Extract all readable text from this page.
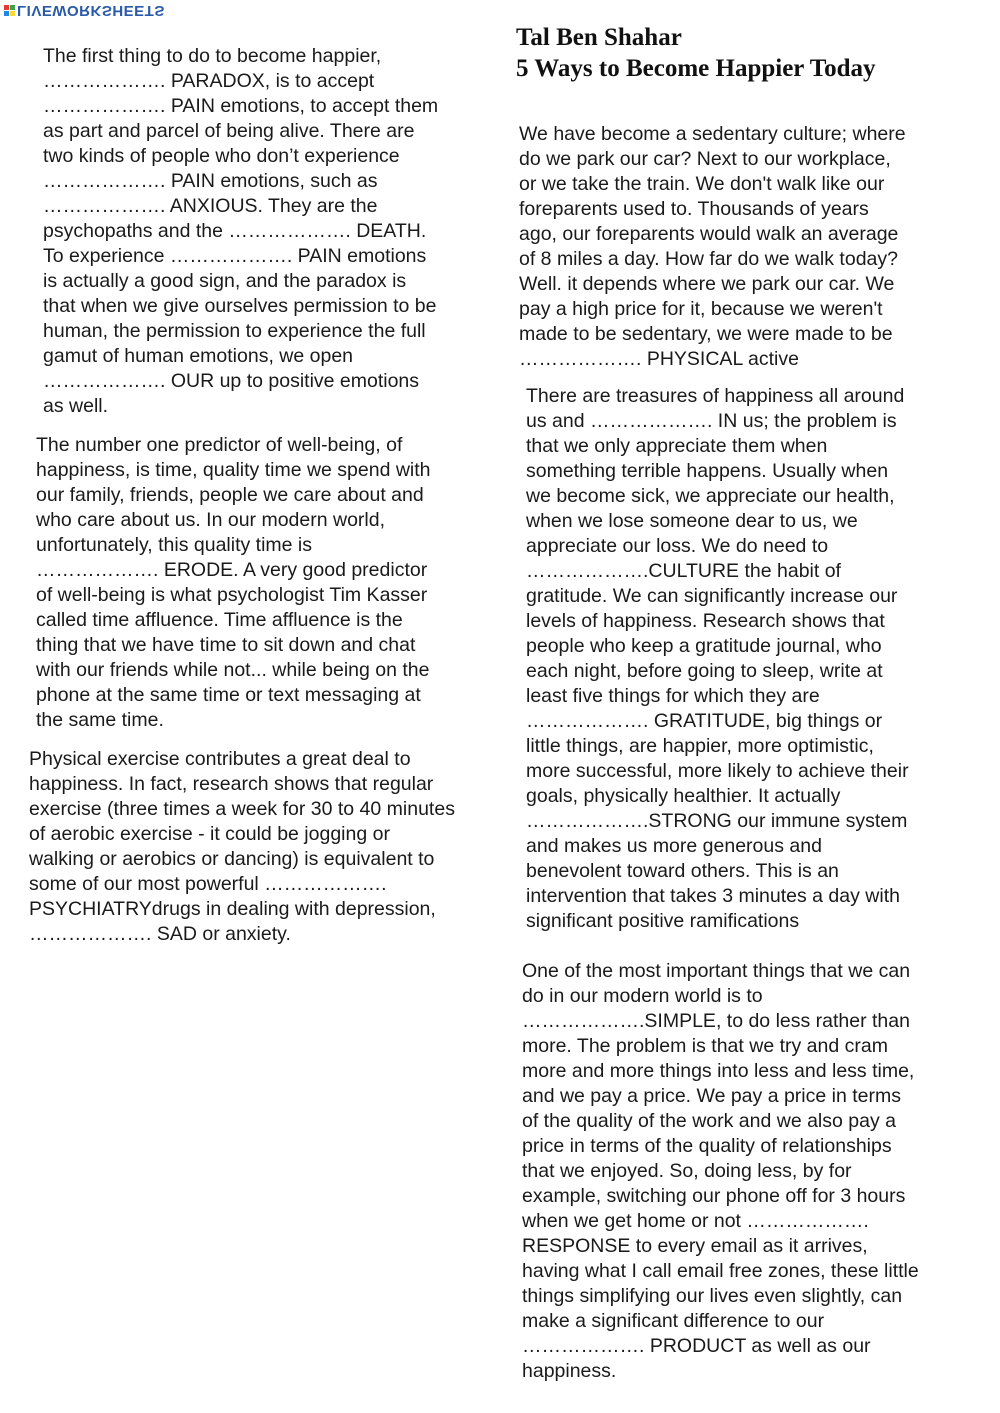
LIVEWORKSHEETS
Tal Ben Shahar
5 Ways to Become Happier Today

The first thing to do to become happier,
………………. PARADOX, is to accept
………………. PAIN emotions, to accept them
as part and parcel of being alive. There are
two kinds of people who don’t experience
………………. PAIN emotions, such as
………………. ANXIOUS. They are the
psychopaths and the ………………. DEATH.
To experience ………………. PAIN emotions
is actually a good sign, and the paradox is
that when we give ourselves permission to be
human, the permission to experience the full
gamut of human emotions, we open
………………. OUR up to positive emotions
as well.

The number one predictor of well-being, of
happiness, is time, quality time we spend with
our family, friends, people we care about and
who care about us. In our modern world,
unfortunately, this quality time is
………………. ERODE. A very good predictor
of well-being is what psychologist Tim Kasser
called time affluence. Time affluence is the
thing that we have time to sit down and chat
with our friends while not... while being on the
phone at the same time or text messaging at
the same time.

Physical exercise contributes a great deal to
happiness. In fact, research shows that regular
exercise (three times a week for 30 to 40 minutes
of aerobic exercise - it could be jogging or
walking or aerobics or dancing) is equivalent to
some of our most powerful ……………….
PSYCHIATRYdrugs in dealing with depression,
………………. SAD or anxiety.

We have become a sedentary culture; where
do we park our car? Next to our workplace,
or we take the train. We don't walk like our
foreparents used to. Thousands of years
ago, our foreparents would walk an average
of 8 miles a day. How far do we walk today?
Well. it depends where we park our car. We
pay a high price for it, because we weren't
made to be sedentary, we were made to be
………………. PHYSICAL active

There are treasures of happiness all around
us and ………………. IN us; the problem is
that we only appreciate them when
something terrible happens. Usually when
we become sick, we appreciate our health,
when we lose someone dear to us, we
appreciate our loss. We do need to
……………….CULTURE the habit of
gratitude. We can significantly increase our
levels of happiness. Research shows that
people who keep a gratitude journal, who
each night, before going to sleep, write at
least five things for which they are
………………. GRATITUDE, big things or
little things, are happier, more optimistic,
more successful, more likely to achieve their
goals, physically healthier. It actually
……………….STRONG our immune system
and makes us more generous and
benevolent toward others. This is an
intervention that takes 3 minutes a day with
significant positive ramifications

One of the most important things that we can
do in our modern world is to
……………….SIMPLE, to do less rather than
more. The problem is that we try and cram
more and more things into less and less time,
and we pay a price. We pay a price in terms
of the quality of the work and we also pay a
price in terms of the quality of relationships
that we enjoyed. So, doing less, by for
example, switching our phone off for 3 hours
when we get home or not ……………….
RESPONSE to every email as it arrives,
having what I call email free zones, these little
things simplifying our lives even slightly, can
make a significant difference to our
………………. PRODUCT as well as our
happiness.
